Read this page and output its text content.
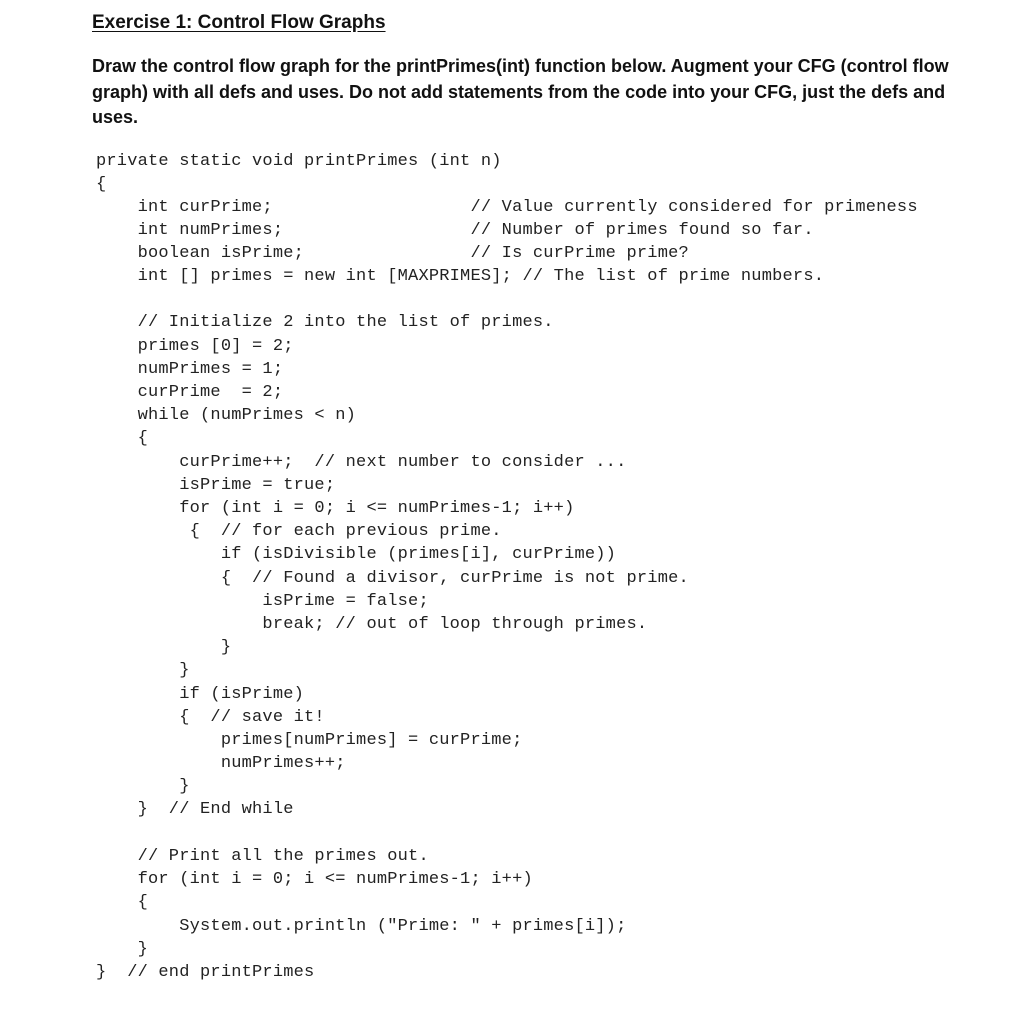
Exercise 1: Control Flow Graphs

Draw the control flow graph for the printPrimes(int) function below. Augment your CFG (control flow graph) with all defs and uses. Do not add statements from the code into your CFG, just the defs and uses.

private static void printPrimes (int n)
{
int curPrime;                   // Value currently considered for primeness
int numPrimes;                  // Number of primes found so far.
boolean isPrime;                // Is curPrime prime?
int [] primes = new int [MAXPRIMES]; // The list of prime numbers.
// Initialize 2 into the list of primes.
primes [0] = 2;
numPrimes = 1;
curPrime  = 2;
while (numPrimes < n)
{
curPrime++;  // next number to consider ...
isPrime = true;
for (int i = 0; i <= numPrimes-1; i++)
{  // for each previous prime.
if (isDivisible (primes[i], curPrime))
{  // Found a divisor, curPrime is not prime.
isPrime = false;
break; // out of loop through primes.
}
}
if (isPrime)
{  // save it!
primes[numPrimes] = curPrime;
numPrimes++;
}
}  // End while
// Print all the primes out.
for (int i = 0; i <= numPrimes-1; i++)
{
System.out.println ("Prime: " + primes[i]);
}
}  // end printPrimes
